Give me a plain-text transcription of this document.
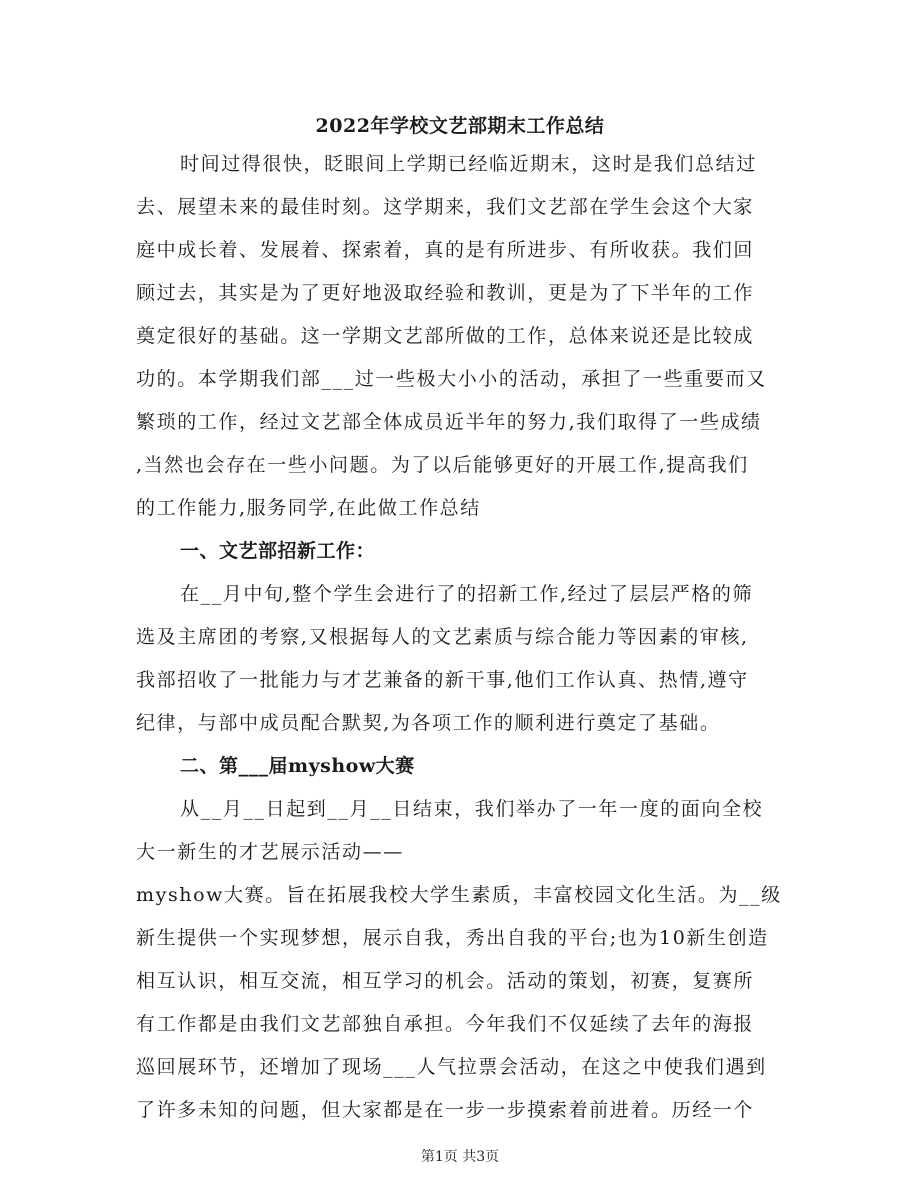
2022年学校文艺部期末工作总结
时间过得很快，眨眼间上学期已经临近期末，这时是我们总结过
去、展望未来的最佳时刻。这学期来，我们文艺部在学生会这个大家
庭中成长着、发展着、探索着，真的是有所进步、有所收获。我们回
顾过去，其实是为了更好地汲取经验和教训，更是为了下半年的工作
奠定很好的基础。这一学期文艺部所做的工作，总体来说还是比较成
功的。本学期我们部___过一些极大小小的活动，承担了一些重要而又
繁琐的工作，经过文艺部全体成员近半年的努力,我们取得了一些成绩
,当然也会存在一些小问题。为了以后能够更好的开展工作,提高我们
的工作能力,服务同学,在此做工作总结
一、文艺部招新工作：
在__月中旬,整个学生会进行了的招新工作,经过了层层严格的筛
选及主席团的考察,又根据每人的文艺素质与综合能力等因素的审核,
我部招收了一批能力与才艺兼备的新干事,他们工作认真、热情,遵守
纪律，与部中成员配合默契,为各项工作的顺利进行奠定了基础。
二、第___届myshow大赛
从__月__日起到__月__日结束，我们举办了一年一度的面向全校
大一新生的才艺展示活动——
myshow大赛。旨在拓展我校大学生素质，丰富校园文化生活。为__级
新生提供一个实现梦想，展示自我，秀出自我的平台;也为10新生创造
相互认识，相互交流，相互学习的机会。活动的策划，初赛，复赛所
有工作都是由我们文艺部独自承担。今年我们不仅延续了去年的海报
巡回展环节，还增加了现场___人气拉票会活动，在这之中使我们遇到
了许多未知的问题，但大家都是在一步一步摸索着前进着。历经一个
第1页 共3页
